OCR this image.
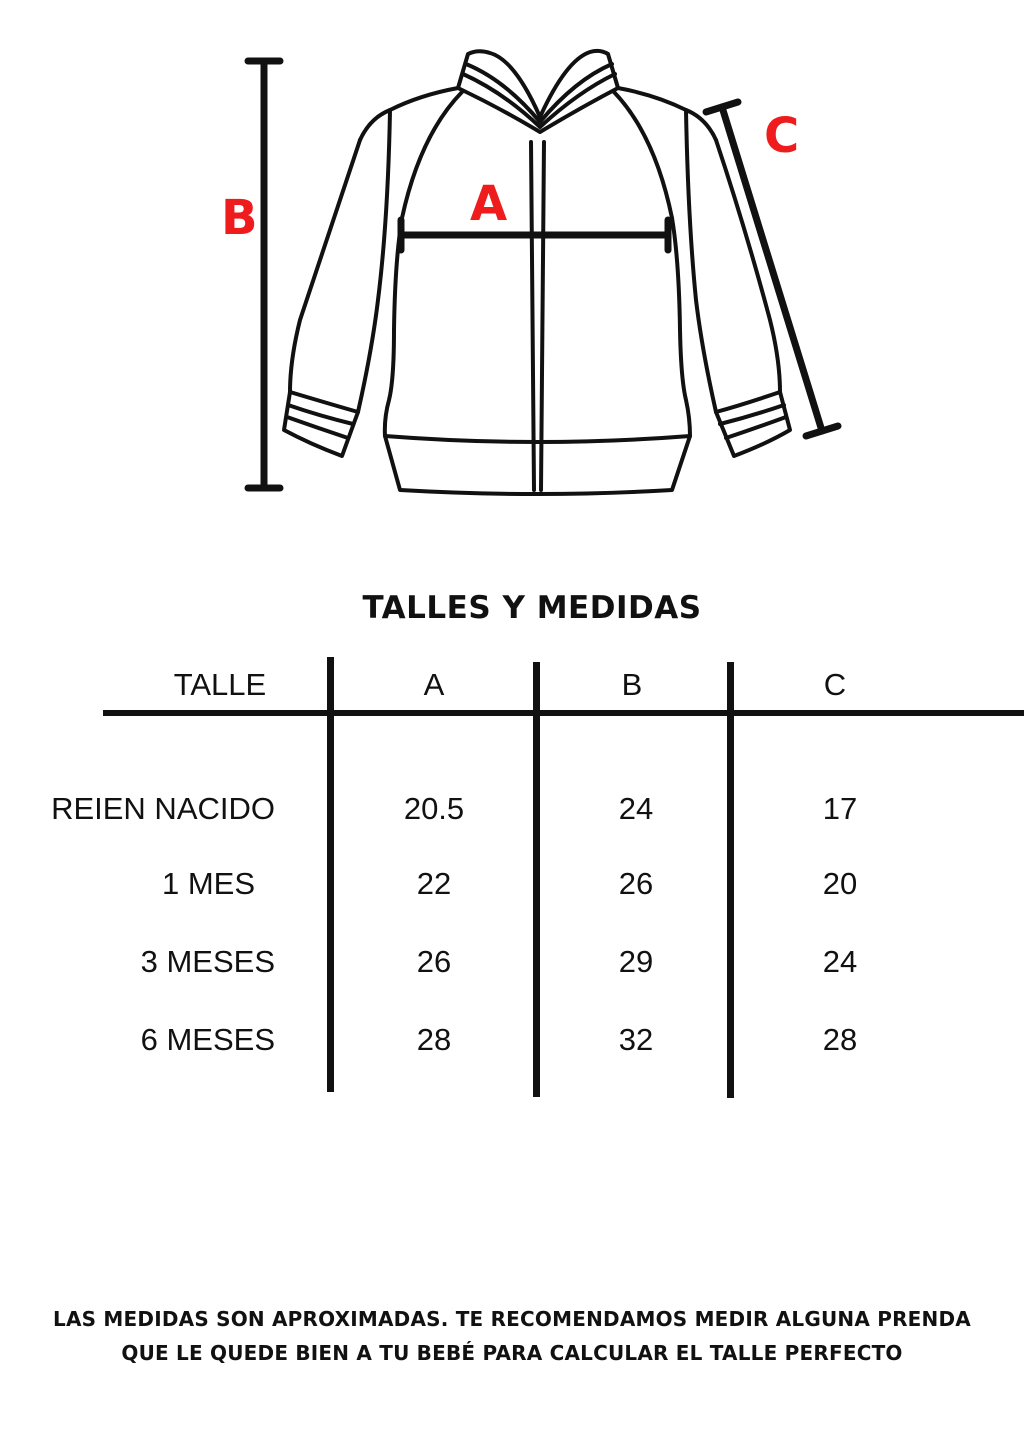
A
B
C
TALLES Y MEDIDAS
TALLE	A	B	C
REIEN NACIDO	20.5	24	17
1 MES	22	26	20
3 MESES	26	29	24
6 MESES	28	32	28
LAS MEDIDAS SON APROXIMADAS. TE RECOMENDAMOS MEDIR ALGUNA PRENDA
QUE LE QUEDE BIEN A TU BEBÉ PARA CALCULAR EL TALLE PERFECTO
